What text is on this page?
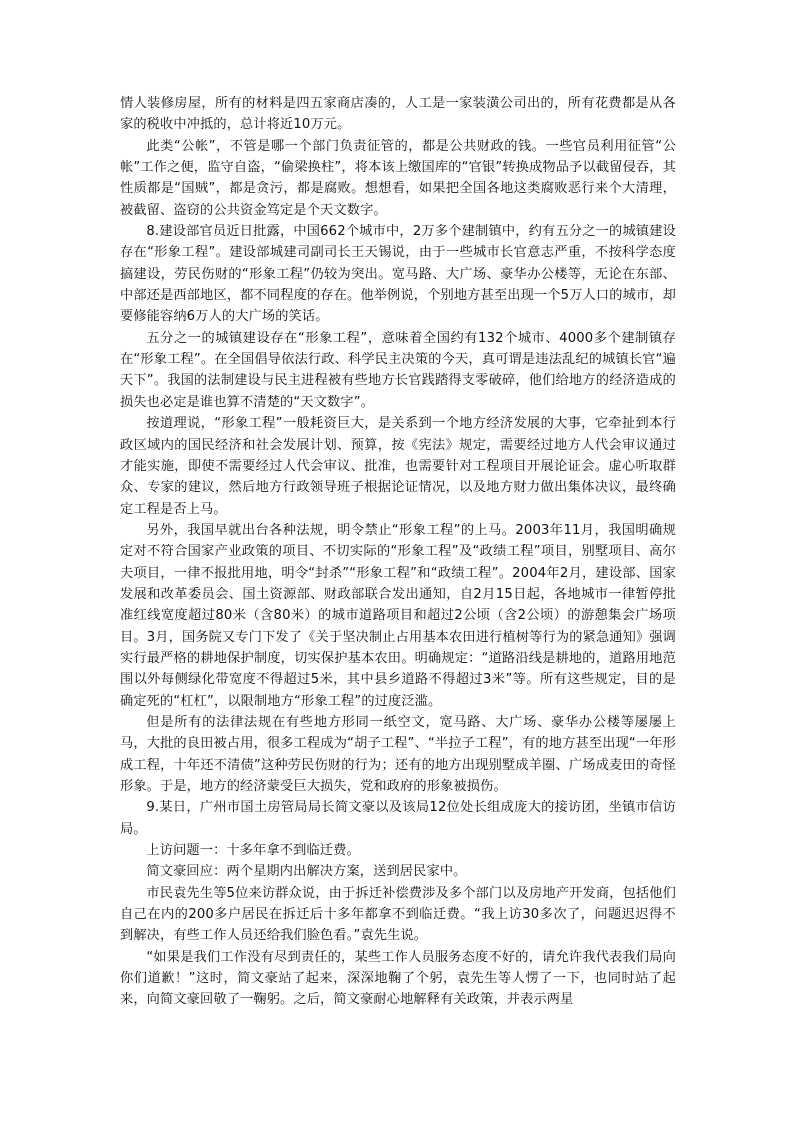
情人装修房屋，所有的材料是四五家商店凑的，人工是一家装潢公司出的，所有花费都是从各家的税收中冲抵的，总计将近10万元。

此类“公帐”，不管是哪一个部门负责征管的，都是公共财政的钱。一些官员利用征管“公帐”工作之便，监守自盗，“偷梁换柱”，将本该上缴国库的“官银”转换成物品予以截留侵吞，其性质都是“国贼”，都是贪污，都是腐败。想想看，如果把全国各地这类腐败恶行来个大清理，被截留、盗窃的公共资金笃定是个天文数字。

8.建设部官员近日批露，中国662个城市中，2万多个建制镇中，约有五分之一的城镇建设存在“形象工程”。建设部城建司副司长王天锡说，由于一些城市长官意志严重，不按科学态度搞建设，劳民伤财的“形象工程”仍较为突出。宽马路、大广场、豪华办公楼等，无论在东部、中部还是西部地区，都不同程度的存在。他举例说，个别地方甚至出现一个5万人口的城市，却要修能容纳6万人的大广场的笑话。

五分之一的城镇建设存在“形象工程”，意味着全国约有132个城市、4000多个建制镇存在“形象工程”。在全国倡导依法行政、科学民主决策的今天，真可谓是违法乱纪的城镇长官“遍天下”。我国的法制建设与民主进程被有些地方长官践踏得支零破碎，他们给地方的经济造成的损失也必定是谁也算不清楚的“天文数字”。

按道理说，“形象工程”一般耗资巨大，是关系到一个地方经济发展的大事，它牵扯到本行政区域内的国民经济和社会发展计划、预算，按《宪法》规定，需要经过地方人代会审议通过才能实施，即使不需要经过人代会审议、批准，也需要针对工程项目开展论证会。虚心听取群众、专家的建议，然后地方行政领导班子根据论证情况，以及地方财力做出集体决议，最终确定工程是否上马。

另外，我国早就出台各种法规，明令禁止“形象工程”的上马。2003年11月，我国明确规定对不符合国家产业政策的项目、不切实际的“形象工程”及“政绩工程”项目，别墅项目、高尔夫项目，一律不报批用地，明令“封杀”“形象工程”和“政绩工程”。2004年2月，建设部、国家发展和改革委员会、国土资源部、财政部联合发出通知，自2月15日起，各地城市一律暂停批准红线宽度超过80米（含80米）的城市道路项目和超过2公顷（含2公顷）的游憩集会广场项目。3月，国务院又专门下发了《关于坚决制止占用基本农田进行植树等行为的紧急通知》强调实行最严格的耕地保护制度，切实保护基本农田。明确规定：“道路沿线是耕地的，道路用地范围以外每侧绿化带宽度不得超过5米，其中县乡道路不得超过3米”等。所有这些规定，目的是确定死的“杠杠”，以限制地方“形象工程”的过度泛滥。

但是所有的法律法规在有些地方形同一纸空文，宽马路、大广场、豪华办公楼等屡屡上马，大批的良田被占用，很多工程成为“胡子工程”、“半拉子工程”，有的地方甚至出现“一年形成工程，十年还不清债”这种劳民伤财的行为；还有的地方出现别墅成羊圈、广场成麦田的奇怪形象。于是，地方的经济蒙受巨大损失，党和政府的形象被损伤。

9.某日，广州市国土房管局局长简文豪以及该局12位处长组成庞大的接访团，坐镇市信访局。

上访问题一：十多年拿不到临迁费。

简文豪回应：两个星期内出解决方案，送到居民家中。

市民袁先生等5位来访群众说，由于拆迁补偿费涉及多个部门以及房地产开发商，包括他们自己在内的200多户居民在拆迁后十多年都拿不到临迁费。“我上访30多次了，问题迟迟得不到解决，有些工作人员还给我们脸色看。”袁先生说。

“如果是我们工作没有尽到责任的，某些工作人员服务态度不好的，请允许我代表我们局向你们道歉！”这时，简文豪站了起来，深深地鞠了个躬，袁先生等人愣了一下，也同时站了起来，向简文豪回敬了一鞠躬。之后，简文豪耐心地解释有关政策，并表示两星
